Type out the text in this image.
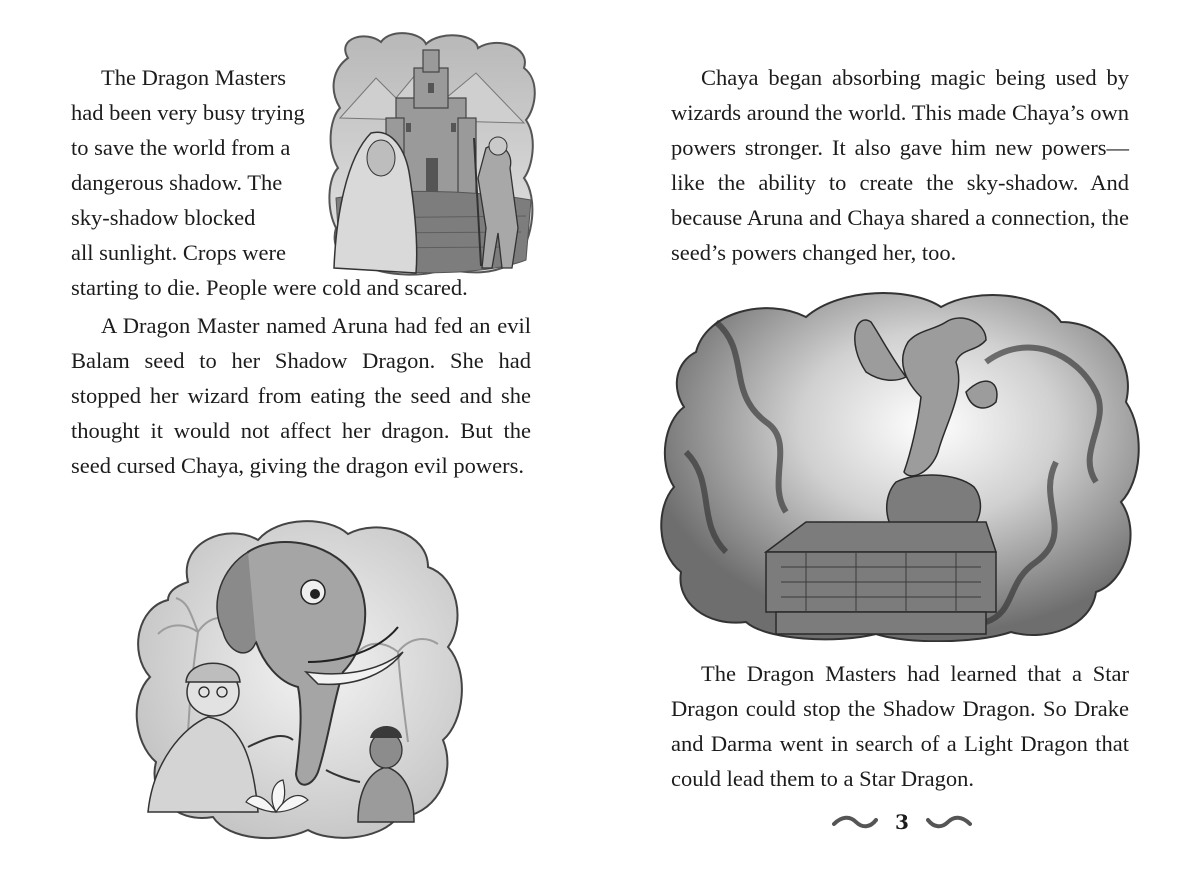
The Dragon Masters
had been very busy trying
to save the world from a
dangerous shadow. The
sky-shadow blocked
all sunlight. Crops were
starting to die. People were cold and scared.

A Dragon Master named Aruna had fed an evil Balam seed to her Shadow Dragon. She had stopped her wizard from eating the seed and she thought it would not affect her dragon. But the seed cursed Chaya, giving the dragon evil powers.

Chaya began absorbing magic being used by wizards around the world. This made Chaya’s own powers stronger. It also gave him new powers—like the ability to create the sky-shadow. And because Aruna and Chaya shared a connection, the seed’s powers changed her, too.

The Dragon Masters had learned that a Star Dragon could stop the Shadow Dragon. So Drake and Darma went in search of a Light Dragon that could lead them to a Star Dragon.

3
